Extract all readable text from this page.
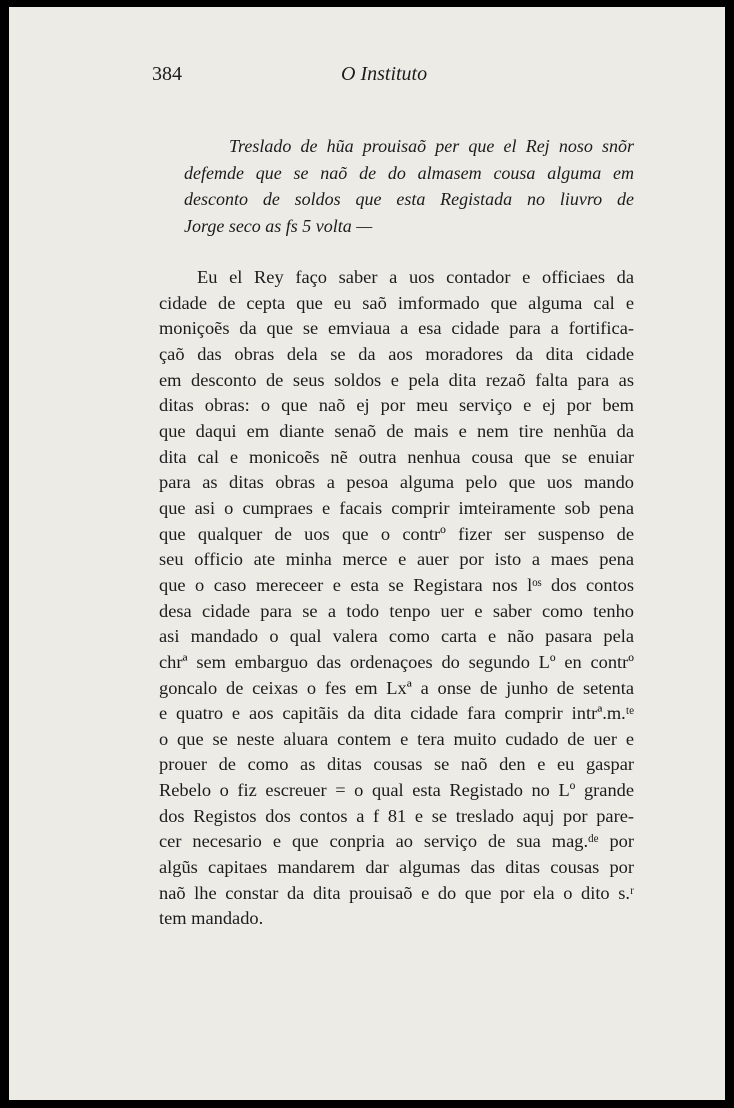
384	O Instituto
Treslado de hũa prouisaõ per que el Rej noso snõr
defemde que se naõ de do almasem cousa alguma em
desconto de soldos que esta Registada no liuvro de
Jorge seco as fs 5 volta —
Eu el Rey faço saber a uos contador e officiaes da
cidade de cepta que eu saõ imformado que alguma cal e
moniçoẽs da que se emviaua a esa cidade para a fortifica-
çaõ das obras dela se da aos moradores da dita cidade
em desconto de seus soldos e pela dita rezaõ falta para as
ditas obras: o que naõ ej por meu serviço e ej por bem
que daqui em diante senaõ de mais e nem tire nenhũa da
dita cal e monicoẽs nẽ outra nenhua cousa que se enuiar
para as ditas obras a pesoa alguma pelo que uos mando
que asi o cumpraes e facais comprir imteiramente sob pena
que qualquer de uos que o contrº fizer ser suspenso de
seu officio ate minha merce e auer por isto a maes pena
que o caso mereceer e esta se Registara nos lᵒˢ dos contos
desa cidade para se a todo tenpo uer e saber como tenho
asi mandado o qual valera como carta e não pasara pela
chrª sem embarguo das ordenaçoes do segundo Lº en contrº
goncalo de ceixas o fes em Lxª a onse de junho de setenta
e quatro e aos capitãis da dita cidade fara comprir intrª.m.ᵗᵉ
o que se neste aluara contem e tera muito cudado de uer e
prouer de como as ditas cousas se naõ den e eu gaspar
Rebelo o fiz escreuer = o qual esta Registado no Lº grande
dos Registos dos contos a f 81 e se treslado aquj por pare-
cer necesario e que conpria ao serviço de sua mag.ᵈᵉ por
algũs capitaes mandarem dar algumas das ditas cousas por
naõ lhe constar da dita prouisaõ e do que por ela o dito s.ʳ
tem mandado.
